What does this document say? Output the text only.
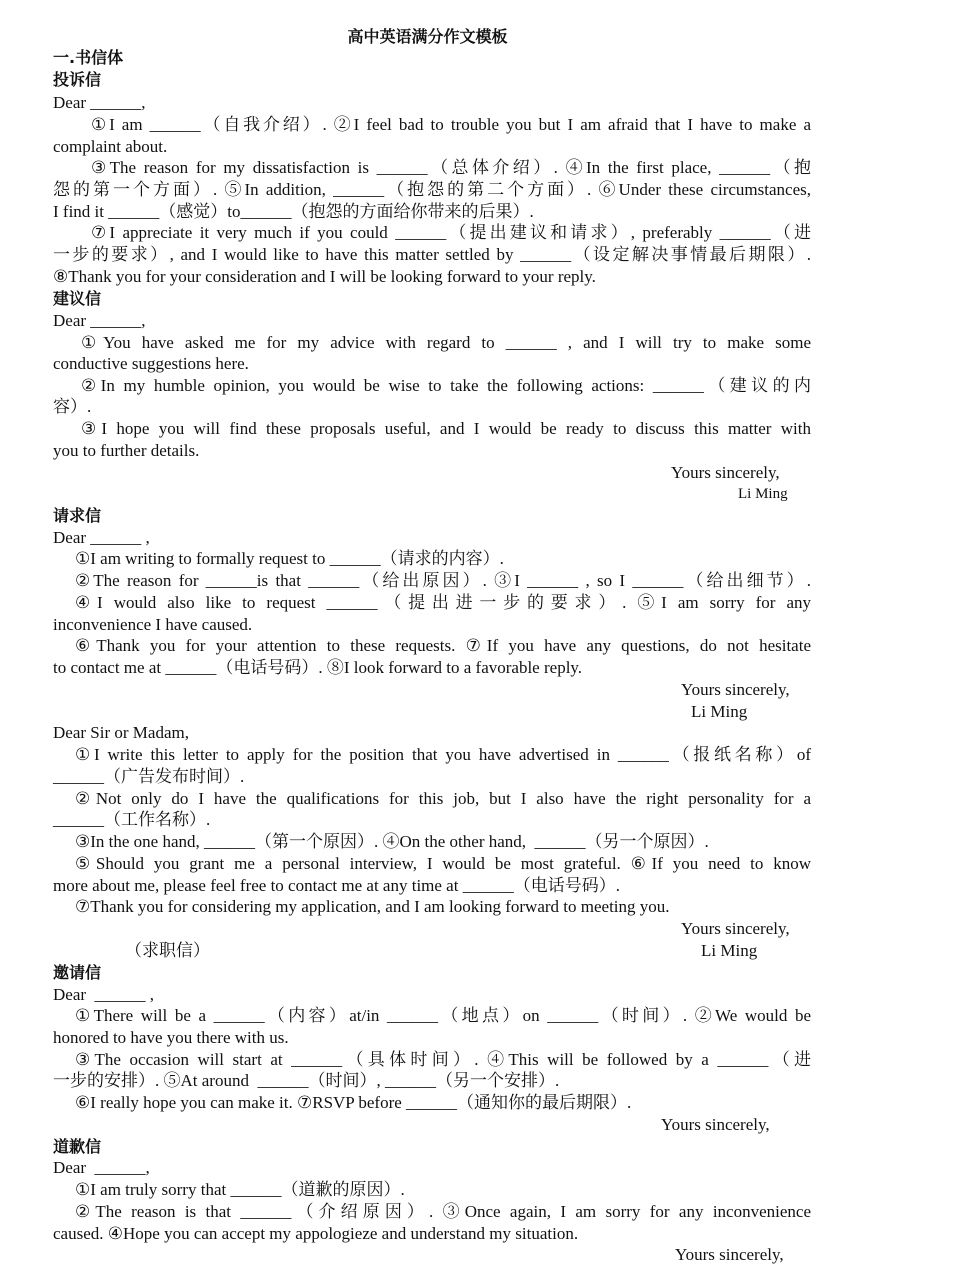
高中英语满分作文模板
一.书信体
投诉信
Dear ______,
①I am ______（自我介绍）. ②I feel bad to trouble you but I am afraid that I have to make a
complaint about.
③The reason for my dissatisfaction is ______（总体介绍）. ④In the first place, ______（抱
怨的第一个方面）. ⑤In addition, ______（抱怨的第二个方面）. ⑥Under these circumstances,
I find it ______（感觉）to______（抱怨的方面给你带来的后果）.
⑦I appreciate it very much if you could ______（提出建议和请求）, preferably ______（进
一步的要求）, and I would like to have this matter settled by ______（设定解决事情最后期限）.
⑧Thank you for your consideration and I will be looking forward to your reply.
建议信
Dear ______,
①You have asked me for my advice with regard to ______ , and I will try to make some
conductive suggestions here.
②In my humble opinion, you would be wise to take the following actions: ______（建议的内
容）.
③I hope you will find these proposals useful, and I would be ready to discuss this matter with
you to further details.
Yours sincerely,
Li Ming
请求信
Dear ______ ,
①I am writing to formally request to ______（请求的内容）.
②The reason for ______is that ______（给出原因）. ③I ______ , so I ______（给出细节）.
④I would also like to request ______（提出进一步的要求）. ⑤I am sorry for any
inconvenience I have caused.
⑥Thank you for your attention to these requests. ⑦If you have any questions, do not hesitate
to contact me at ______（电话号码）. ⑧I look forward to a favorable reply.
Yours sincerely,
Li Ming
Dear Sir or Madam,
①I write this letter to apply for the position that you have advertised in ______（报纸名称）of
______（广告发布时间）.
②Not only do I have the qualifications for this job, but I also have the right personality for a
______（工作名称）.
③In the one hand, ______（第一个原因）. ④On the other hand,  ______（另一个原因）.
⑤Should you grant me a personal interview, I would be most grateful. ⑥If you need to know
more about me, please feel free to contact me at any time at ______（电话号码）.
⑦Thank you for considering my application, and I am looking forward to meeting you.
Yours sincerely,
（求职信）	Li Ming
邀请信
Dear  ______ ,
①There will be a ______（内容）at/in ______（地点）on ______（时间）. ②We would be
honored to have you there with us.
③The occasion will start at ______（具体时间）. ④This will be followed by a ______（进
一步的安排）. ⑤At around  ______（时间）, ______（另一个安排）.
⑥I really hope you can make it. ⑦RSVP before ______（通知你的最后期限）.
Yours sincerely,
道歉信
Dear  ______,
①I am truly sorry that ______（道歉的原因）.
②The reason is that ______（介绍原因）. ③Once again, I am sorry for any inconvenience
caused. ④Hope you can accept my appologieze and understand my situation.
Yours sincerely,
